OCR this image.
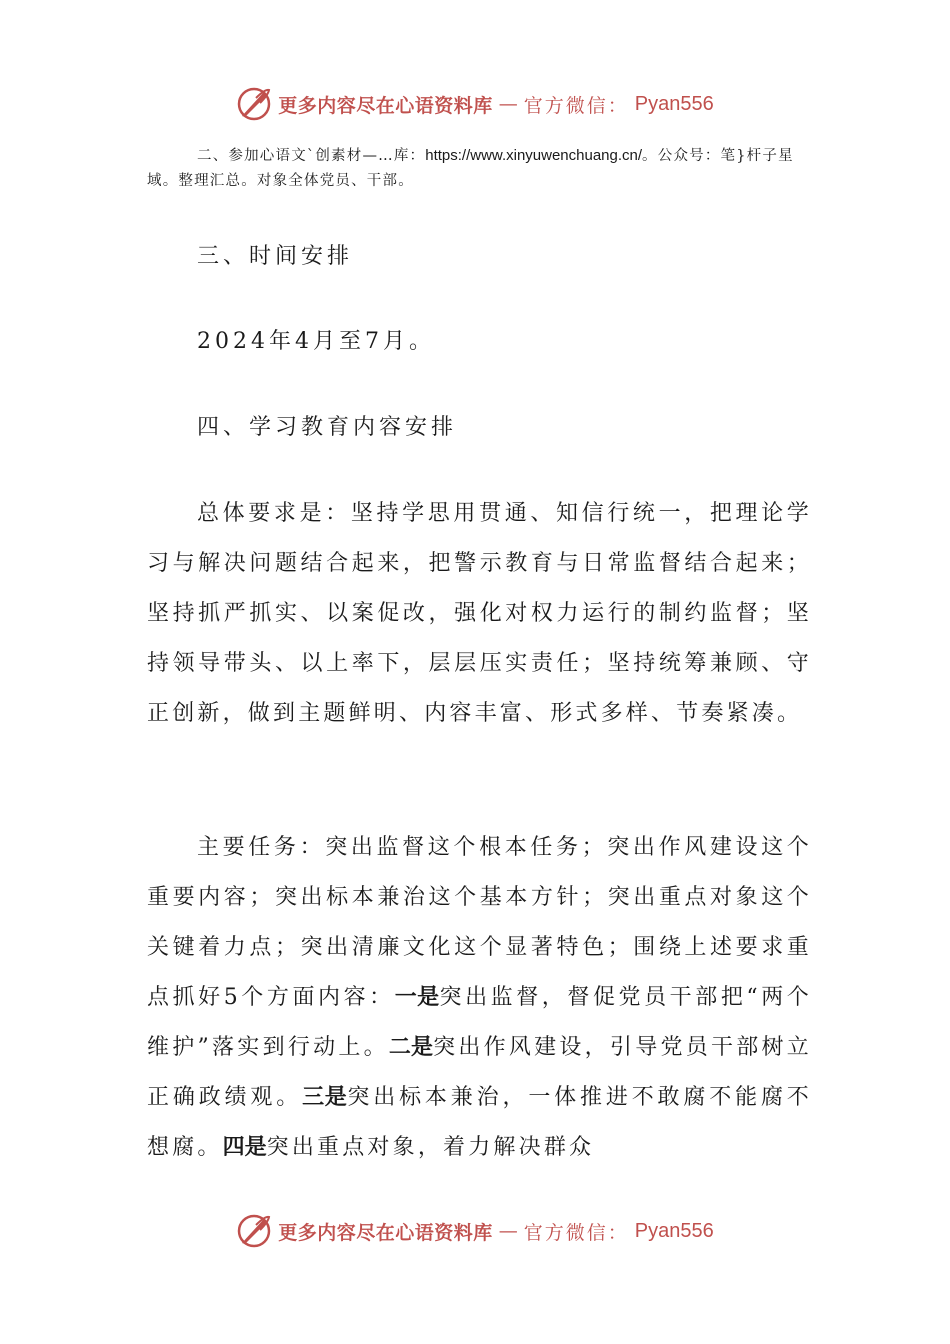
更多内容尽在心语资料库 — 官方微信： Pyan556
二、参加心语文`创素材—…库：https://www.xinyuwenchuang.cn/。公众号：笔}杆子星域。整理汇总。对象全体党员、干部。
三、时间安排
2024年4月至7月。
四、学习教育内容安排
总体要求是：坚持学思用贯通、知信行统一，把理论学习与解决问题结合起来，把警示教育与日常监督结合起来；坚持抓严抓实、以案促改，强化对权力运行的制约监督；坚持领导带头、以上率下，层层压实责任；坚持统筹兼顾、守正创新，做到主题鲜明、内容丰富、形式多样、节奏紧凑。
主要任务：突出监督这个根本任务；突出作风建设这个重要内容；突出标本兼治这个基本方针；突出重点对象这个关键着力点；突出清廉文化这个显著特色；围绕上述要求重点抓好5个方面内容：一是突出监督，督促党员干部把“两个维护”落实到行动上。二是突出作风建设，引导党员干部树立正确政绩观。三是突出标本兼治，一体推进不敢腐不能腐不想腐。四是突出重点对象，着力解决群众
更多内容尽在心语资料库 — 官方微信： Pyan556
